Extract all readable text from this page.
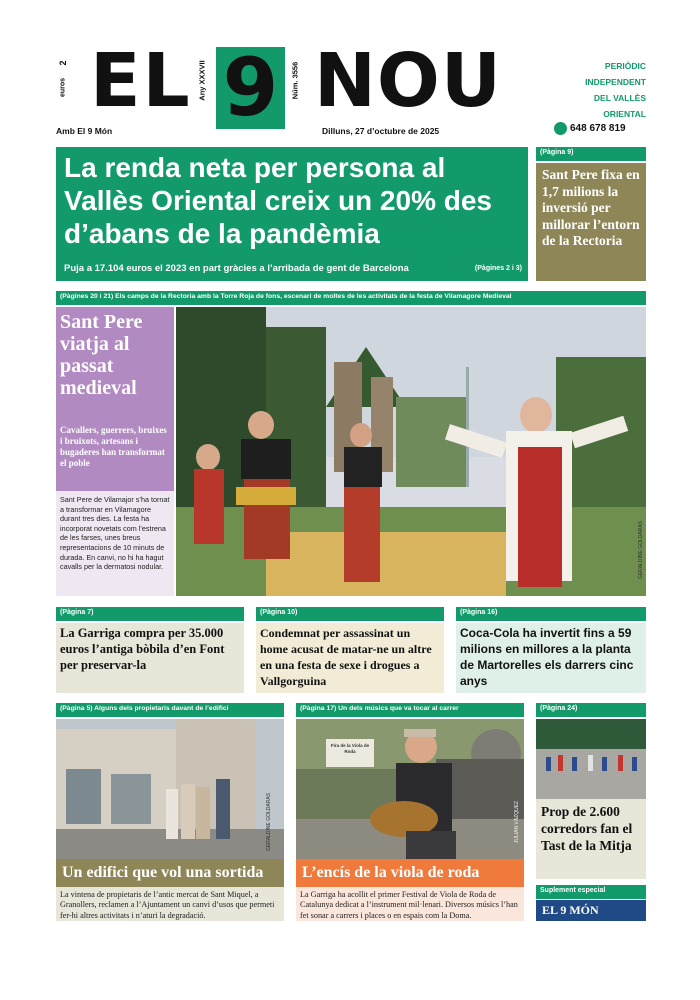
2
euros EL Any XXXVII 9	Núm. 3556 NOU	PERIÒDIC
INDEPENDENT
DEL VALLÈS
ORIENTAL
Amb El 9 Món	Dilluns, 27 d’octubre de 2025	648 678 819
La renda neta per persona al Vallès Oriental creix un 20% des d’abans de la pandèmia
Puja a 17.104 euros el 2023 en part gràcies a l’arribada de gent de Barcelona	(Pàgines 2 i 3)
(Pàgina 9)
Sant Pere fixa en 1,7 milions la inversió per millorar l’entorn de la Rectoria
(Pàgines 20 i 21) Els camps de la Rectoria amb la Torre Roja de fons, escenari de moltes de les activitats de la festa de Vilamagore Medieval
Sant Pere viatja al passat medieval
Cavallers, guerrers, bruixes i bruixots, artesans i bugaderes han transformat el poble
Sant Pere de Vilamajor s’ha tornat a transformar en Vilamagore durant tres dies. La festa ha incorporat novetats com l’estrena de les farses, unes breus representacions de 10 minuts de durada. En canvi, no hi ha hagut cavalls per la dermatosi nodular.	GERALDINE GOLDARAS
(Pàgina 7)
La Garriga compra per 35.000 euros l’antiga bòbila d’en Font per preservar-la
(Pàgina 10)
Condemnat per assassinat un home acusat de matar-ne un altre en una festa de sexe i drogues a Vallgorguina
(Pàgina 16)
Coca-Cola ha invertit fins a 59 milions en millores a la planta de Martorelles els darrers cinc anys
(Pàgina 5) Alguns dels propietaris davant de l’edifici
GERALDINE GOLDARAS
Un edifici que vol una sortida
La vintena de propietaris de l’antic mercat de Sant Miquel, a Granollers, reclamen a l’Ajuntament un canvi d’usos que permeti fer-hi altres activitats i n’aturi la degradació.
(Pàgina 17) Un dels músics que va tocar al carrer
Fira de la Viola de Roda
JULIAN VÁZQUEZ
L’encís de la viola de roda
La Garriga ha acollit el primer Festival de Viola de Roda de Catalunya dedicat a l’instrument mil·lenari. Diversos músics l’han fet sonar a carrers i places o en espais com la Doma.
(Pàgina 24)
Prop de 2.600 corredors fan el Tast de la Mitja
Suplement especial
EL 9 MÓN
